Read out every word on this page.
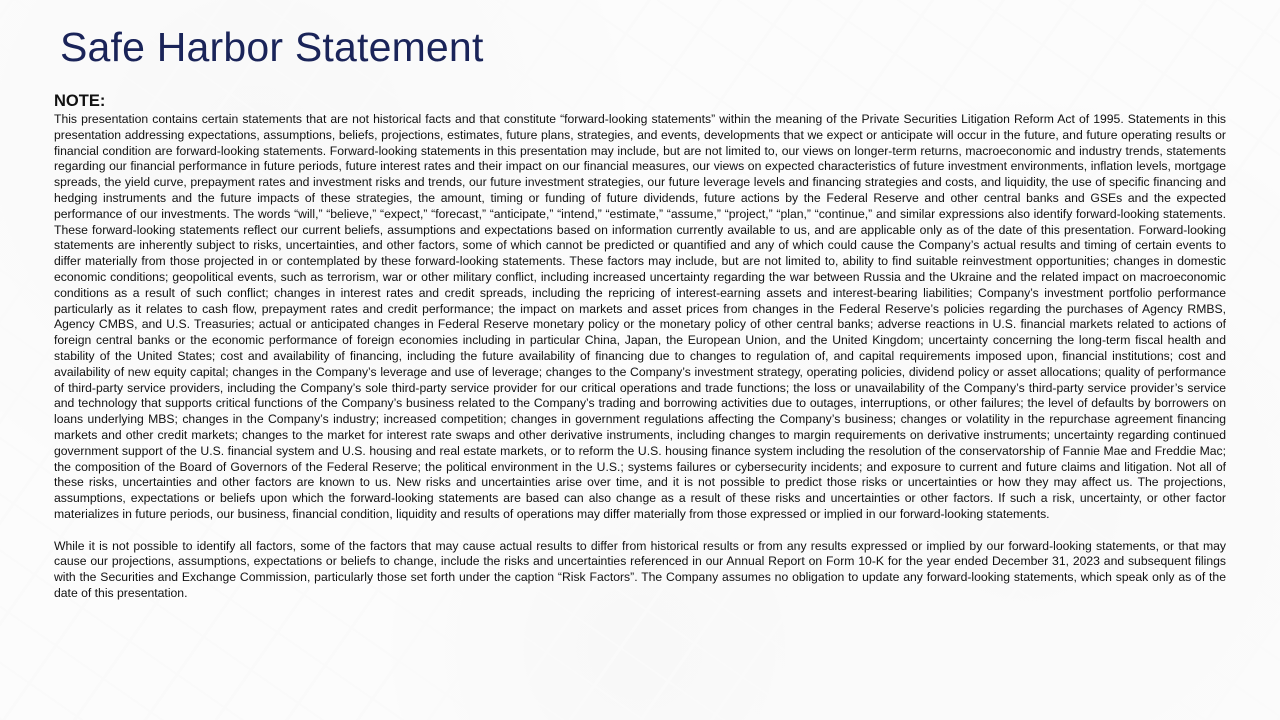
Safe Harbor Statement

NOTE:

This presentation contains certain statements that are not historical facts and that constitute “forward-looking statements” within the meaning of the Private Securities Litigation Reform Act of 1995. Statements in this presentation addressing expectations, assumptions, beliefs, projections, estimates, future plans, strategies, and events, developments that we expect or anticipate will occur in the future, and future operating results or financial condition are forward-looking statements. Forward-looking statements in this presentation may include, but are not limited to, our views on longer-term returns, macroeconomic and industry trends, statements regarding our financial performance in future periods, future interest rates and their impact on our financial measures, our views on expected characteristics of future investment environments, inflation levels, mortgage spreads, the yield curve, prepayment rates and investment risks and trends, our future investment strategies, our future leverage levels and financing strategies and costs, and liquidity, the use of specific financing and hedging instruments and the future impacts of these strategies, the amount, timing or funding of future dividends, future actions by the Federal Reserve and other central banks and GSEs and the expected performance of our investments. The words “will,” “believe,” “expect,” “forecast,” “anticipate,” “intend,” “estimate,” “assume,” “project,” “plan,” “continue,” and similar expressions also identify forward-looking statements. These forward-looking statements reflect our current beliefs, assumptions and expectations based on information currently available to us, and are applicable only as of the date of this presentation. Forward-looking statements are inherently subject to risks, uncertainties, and other factors, some of which cannot be predicted or quantified and any of which could cause the Company’s actual results and timing of certain events to differ materially from those projected in or contemplated by these forward-looking statements. These factors may include, but are not limited to, ability to find suitable reinvestment opportunities; changes in domestic economic conditions; geopolitical events, such as terrorism, war or other military conflict, including increased uncertainty regarding the war between Russia and the Ukraine and the related impact on macroeconomic conditions as a result of such conflict; changes in interest rates and credit spreads, including the repricing of interest-earning assets and interest-bearing liabilities; Company’s investment portfolio performance particularly as it relates to cash flow, prepayment rates and credit performance; the impact on markets and asset prices from changes in the Federal Reserve’s policies regarding the purchases of Agency RMBS, Agency CMBS, and U.S. Treasuries; actual or anticipated changes in Federal Reserve monetary policy or the monetary policy of other central banks; adverse reactions in U.S. financial markets related to actions of foreign central banks or the economic performance of foreign economies including in particular China, Japan, the European Union, and the United Kingdom; uncertainty concerning the long-term fiscal health and stability of the United States; cost and availability of financing, including the future availability of financing due to changes to regulation of, and capital requirements imposed upon, financial institutions; cost and availability of new equity capital; changes in the Company’s leverage and use of leverage; changes to the Company’s investment strategy, operating policies, dividend policy or asset allocations; quality of performance of third-party service providers, including the Company’s sole third-party service provider for our critical operations and trade functions; the loss or unavailability of the Company’s third-party service provider’s service and technology that supports critical functions of the Company’s business related to the Company’s trading and borrowing activities due to outages, interruptions, or other failures; the level of defaults by borrowers on loans underlying MBS; changes in the Company’s industry; increased competition; changes in government regulations affecting the Company’s business; changes or volatility in the repurchase agreement financing markets and other credit markets; changes to the market for interest rate swaps and other derivative instruments, including changes to margin requirements on derivative instruments; uncertainty regarding continued government support of the U.S. financial system and U.S. housing and real estate markets, or to reform the U.S. housing finance system including the resolution of the conservatorship of Fannie Mae and Freddie Mac; the composition of the Board of Governors of the Federal Reserve; the political environment in the U.S.; systems failures or cybersecurity incidents; and exposure to current and future claims and litigation. Not all of these risks, uncertainties and other factors are known to us. New risks and uncertainties arise over time, and it is not possible to predict those risks or uncertainties or how they may affect us. The projections, assumptions, expectations or beliefs upon which the forward-looking statements are based can also change as a result of these risks and uncertainties or other factors. If such a risk, uncertainty, or other factor materializes in future periods, our business, financial condition, liquidity and results of operations may differ materially from those expressed or implied in our forward-looking statements.

While it is not possible to identify all factors, some of the factors that may cause actual results to differ from historical results or from any results expressed or implied by our forward-looking statements, or that may cause our projections, assumptions, expectations or beliefs to change, include the risks and uncertainties referenced in our Annual Report on Form 10-K for the year ended December 31, 2023 and subsequent filings with the Securities and Exchange Commission, particularly those set forth under the caption “Risk Factors”. The Company assumes no obligation to update any forward-looking statements, which speak only as of the date of this presentation.
